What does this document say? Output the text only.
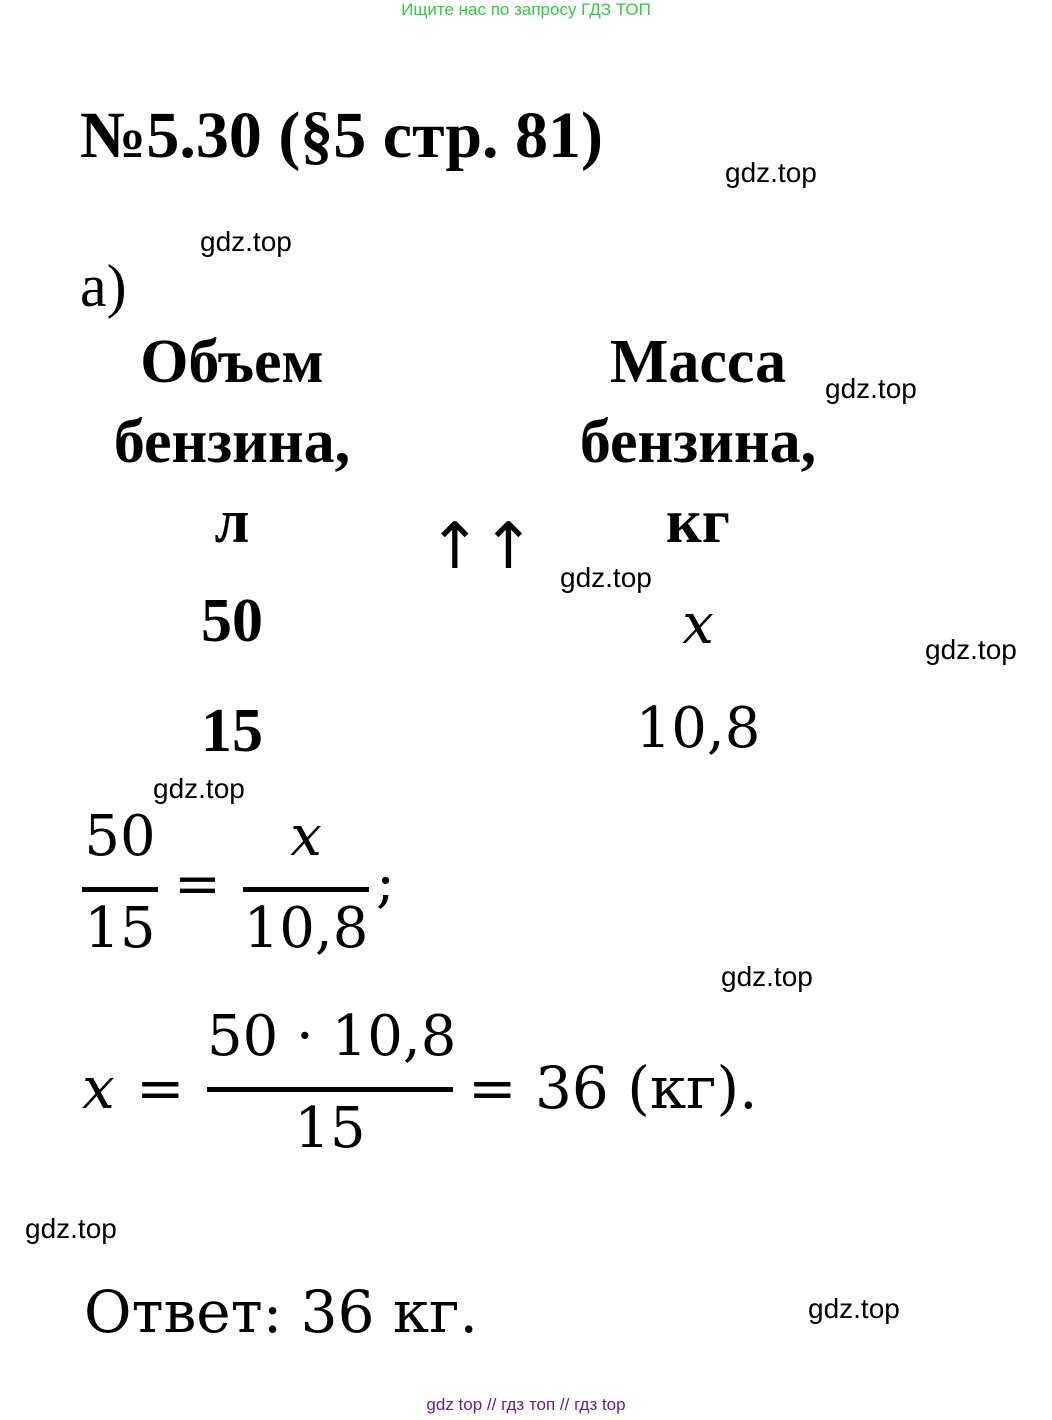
Ищите нас по запросу ГДЗ ТОП
№5.30 (§5 стр. 81)
а)
Объем
бензина,
л
Масса
бензина,
кг
↑↑
50	x
15	10,8
50
15
=
x
10,8
;
x =
50 · 10,8
15
= 36 (кг).
Ответ: 36 кг.
gdz.top
gdz.top
gdz.top
gdz.top
gdz.top
gdz.top
gdz.top
gdz.top
gdz.top
gdz top // гдз топ // гдз top
